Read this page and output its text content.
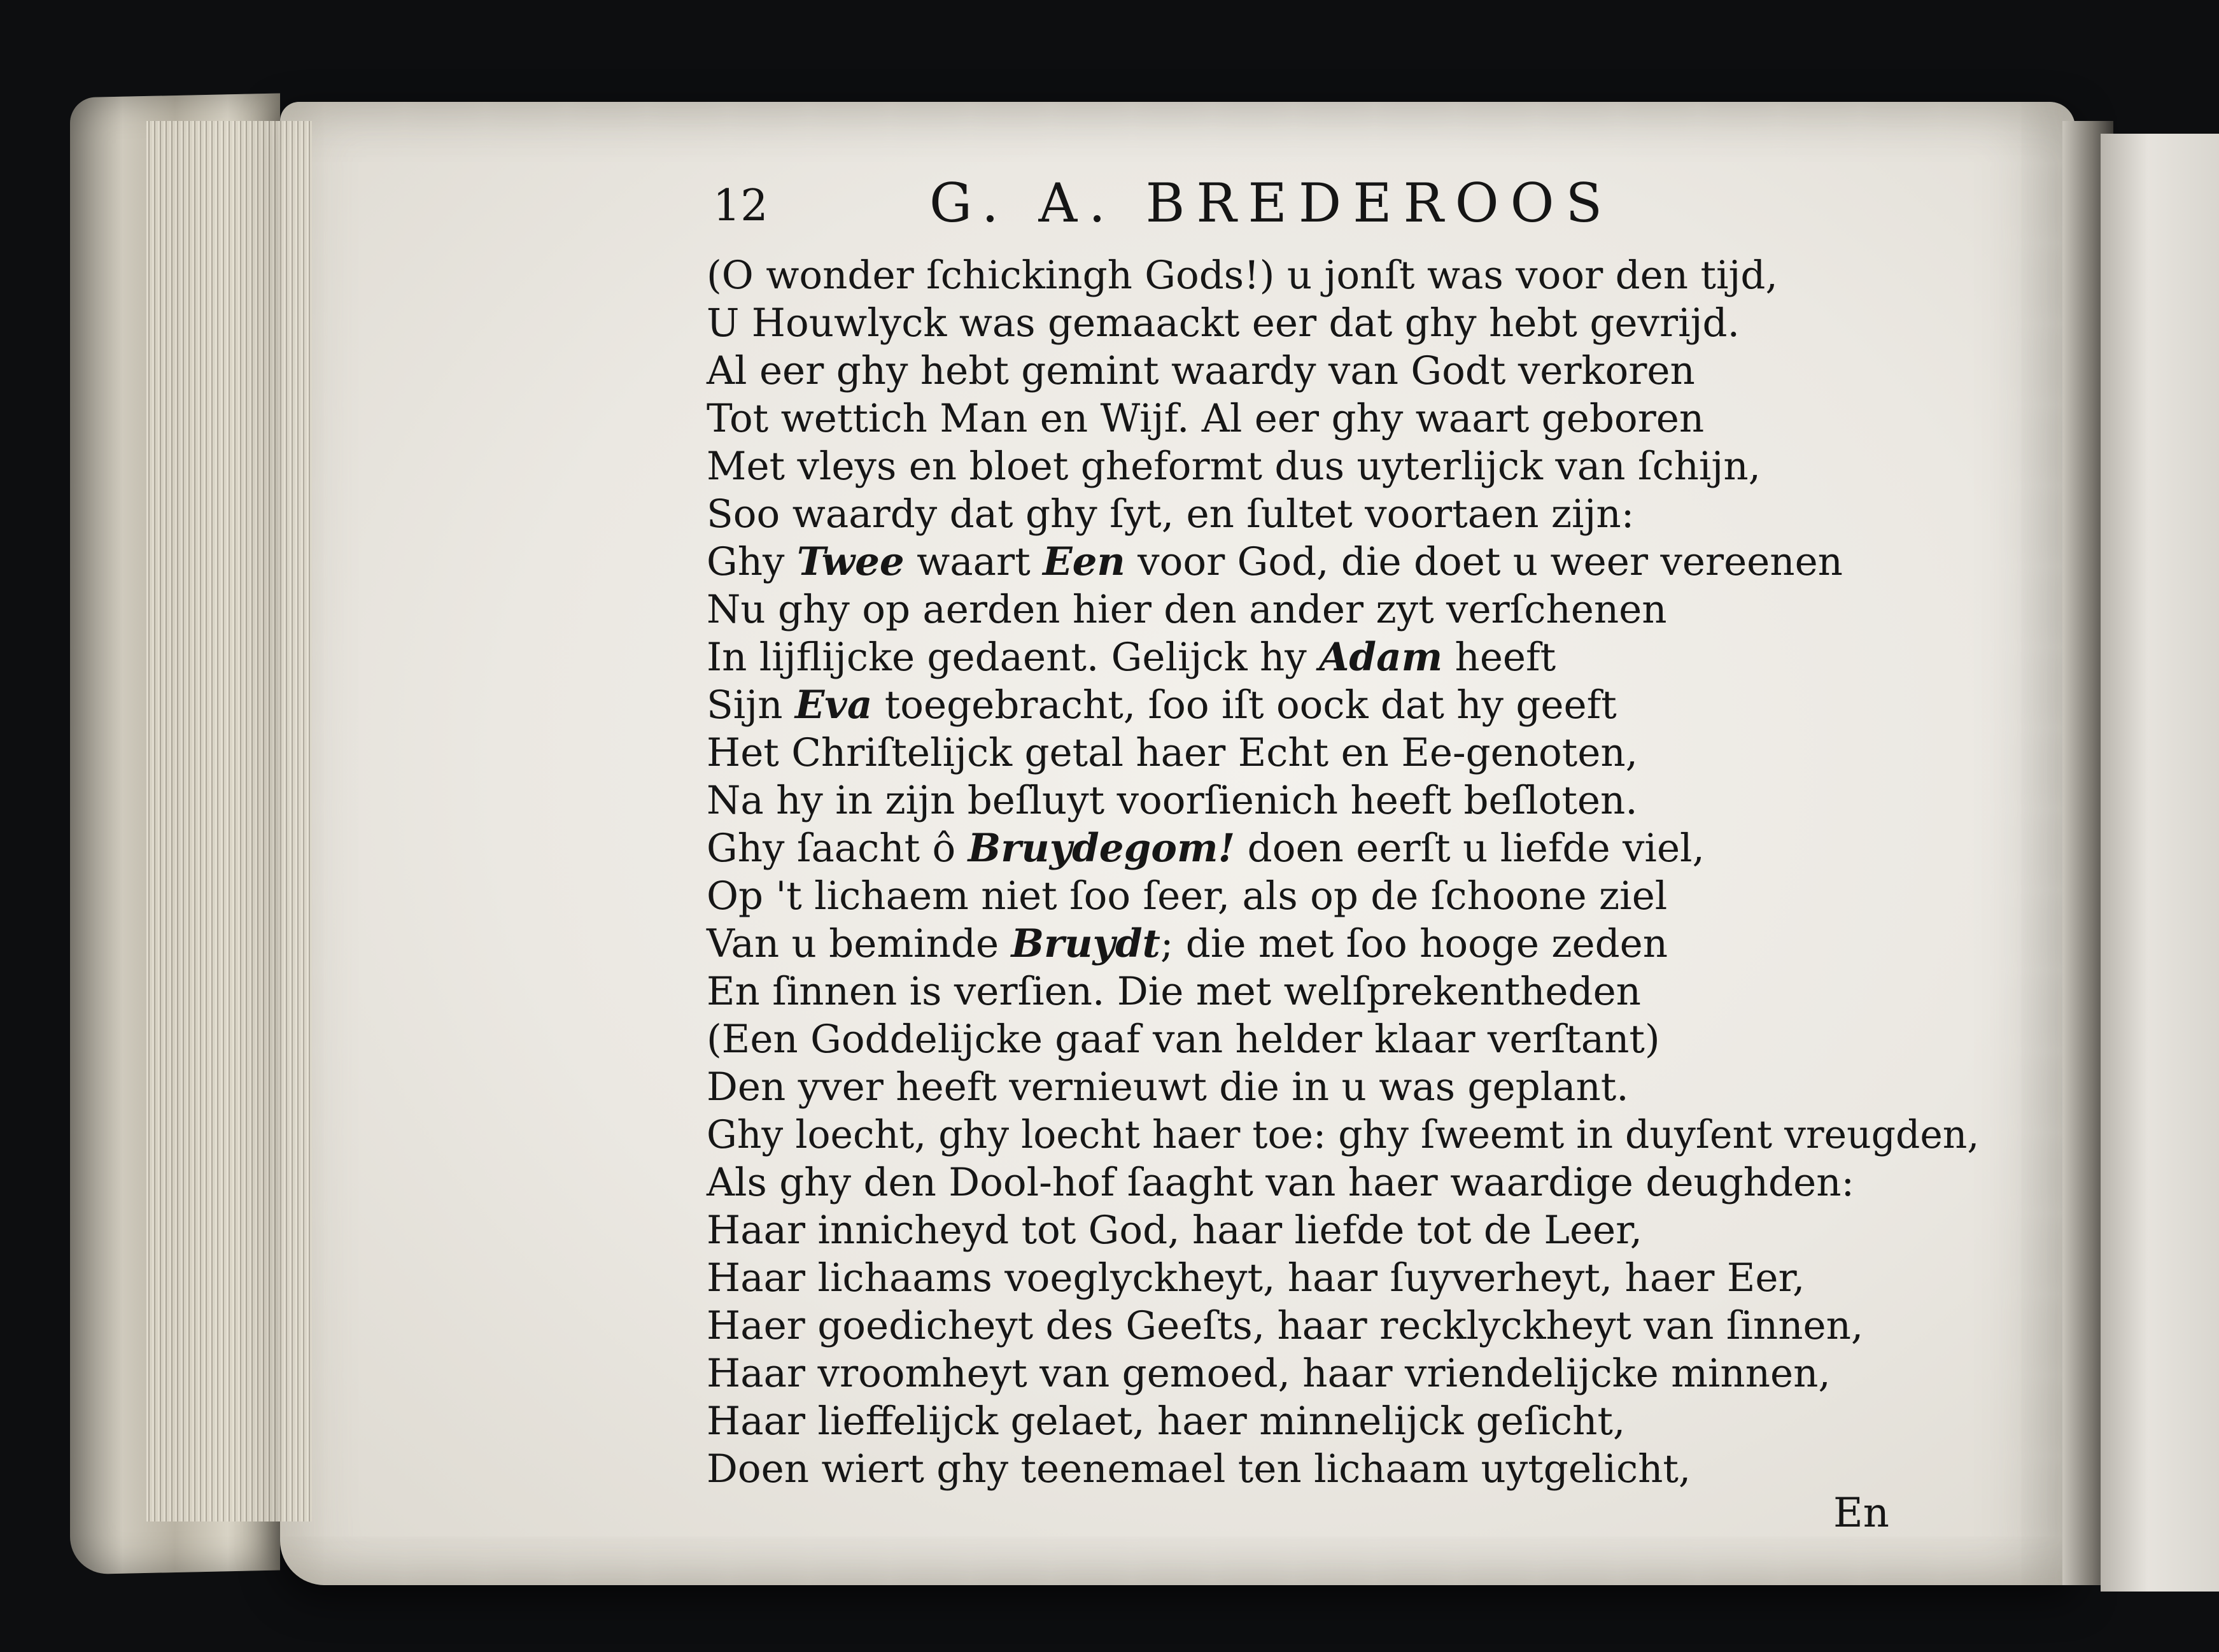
12	G. A. BREDEROOS
(O wonder ſchickingh Gods!) u jonſt was voor den tijd,
U Houwlyck was gemaackt eer dat ghy hebt gevrijd.
Al eer ghy hebt gemint waardy van Godt verkoren
Tot wettich Man en Wijf. Al eer ghy waart geboren
Met vleys en bloet gheformt dus uyterlijck van ſchijn,
Soo waardy dat ghy ſyt, en ſultet voortaen zijn:
Ghy Twee waart Een voor God, die doet u weer vereenen
Nu ghy op aerden hier den ander zyt verſchenen
In lijflijcke gedaent. Gelijck hy Adam heeft
Sijn Eva toegebracht, ſoo iſt oock dat hy geeft
Het Chriſtelijck getal haer Echt en Ee-genoten,
Na hy in zijn beſluyt voorſienich heeft beſloten.
Ghy ſaacht ô Bruydegom! doen eerſt u liefde viel,
Op 't lichaem niet ſoo ſeer, als op de ſchoone ziel
Van u beminde Bruydt; die met ſoo hooge zeden
En ſinnen is verſien. Die met welſprekentheden
(Een Goddelijcke gaaf van helder klaar verſtant)
Den yver heeft vernieuwt die in u was geplant.
Ghy loecht, ghy loecht haer toe: ghy ſweemt in duyſent vreugden,
Als ghy den Dool-hof ſaaght van haer waardige deughden:
Haar innicheyd tot God, haar liefde tot de Leer,
Haar lichaams voeglyckheyt, haar ſuyverheyt, haer Eer,
Haer goedicheyt des Geeſts, haar recklyckheyt van ſinnen,
Haar vroomheyt van gemoed, haar vriendelijcke minnen,
Haar lieffelijck gelaet, haer minnelijck geſicht,
Doen wiert ghy teenemael ten lichaam uytgelicht,
En
